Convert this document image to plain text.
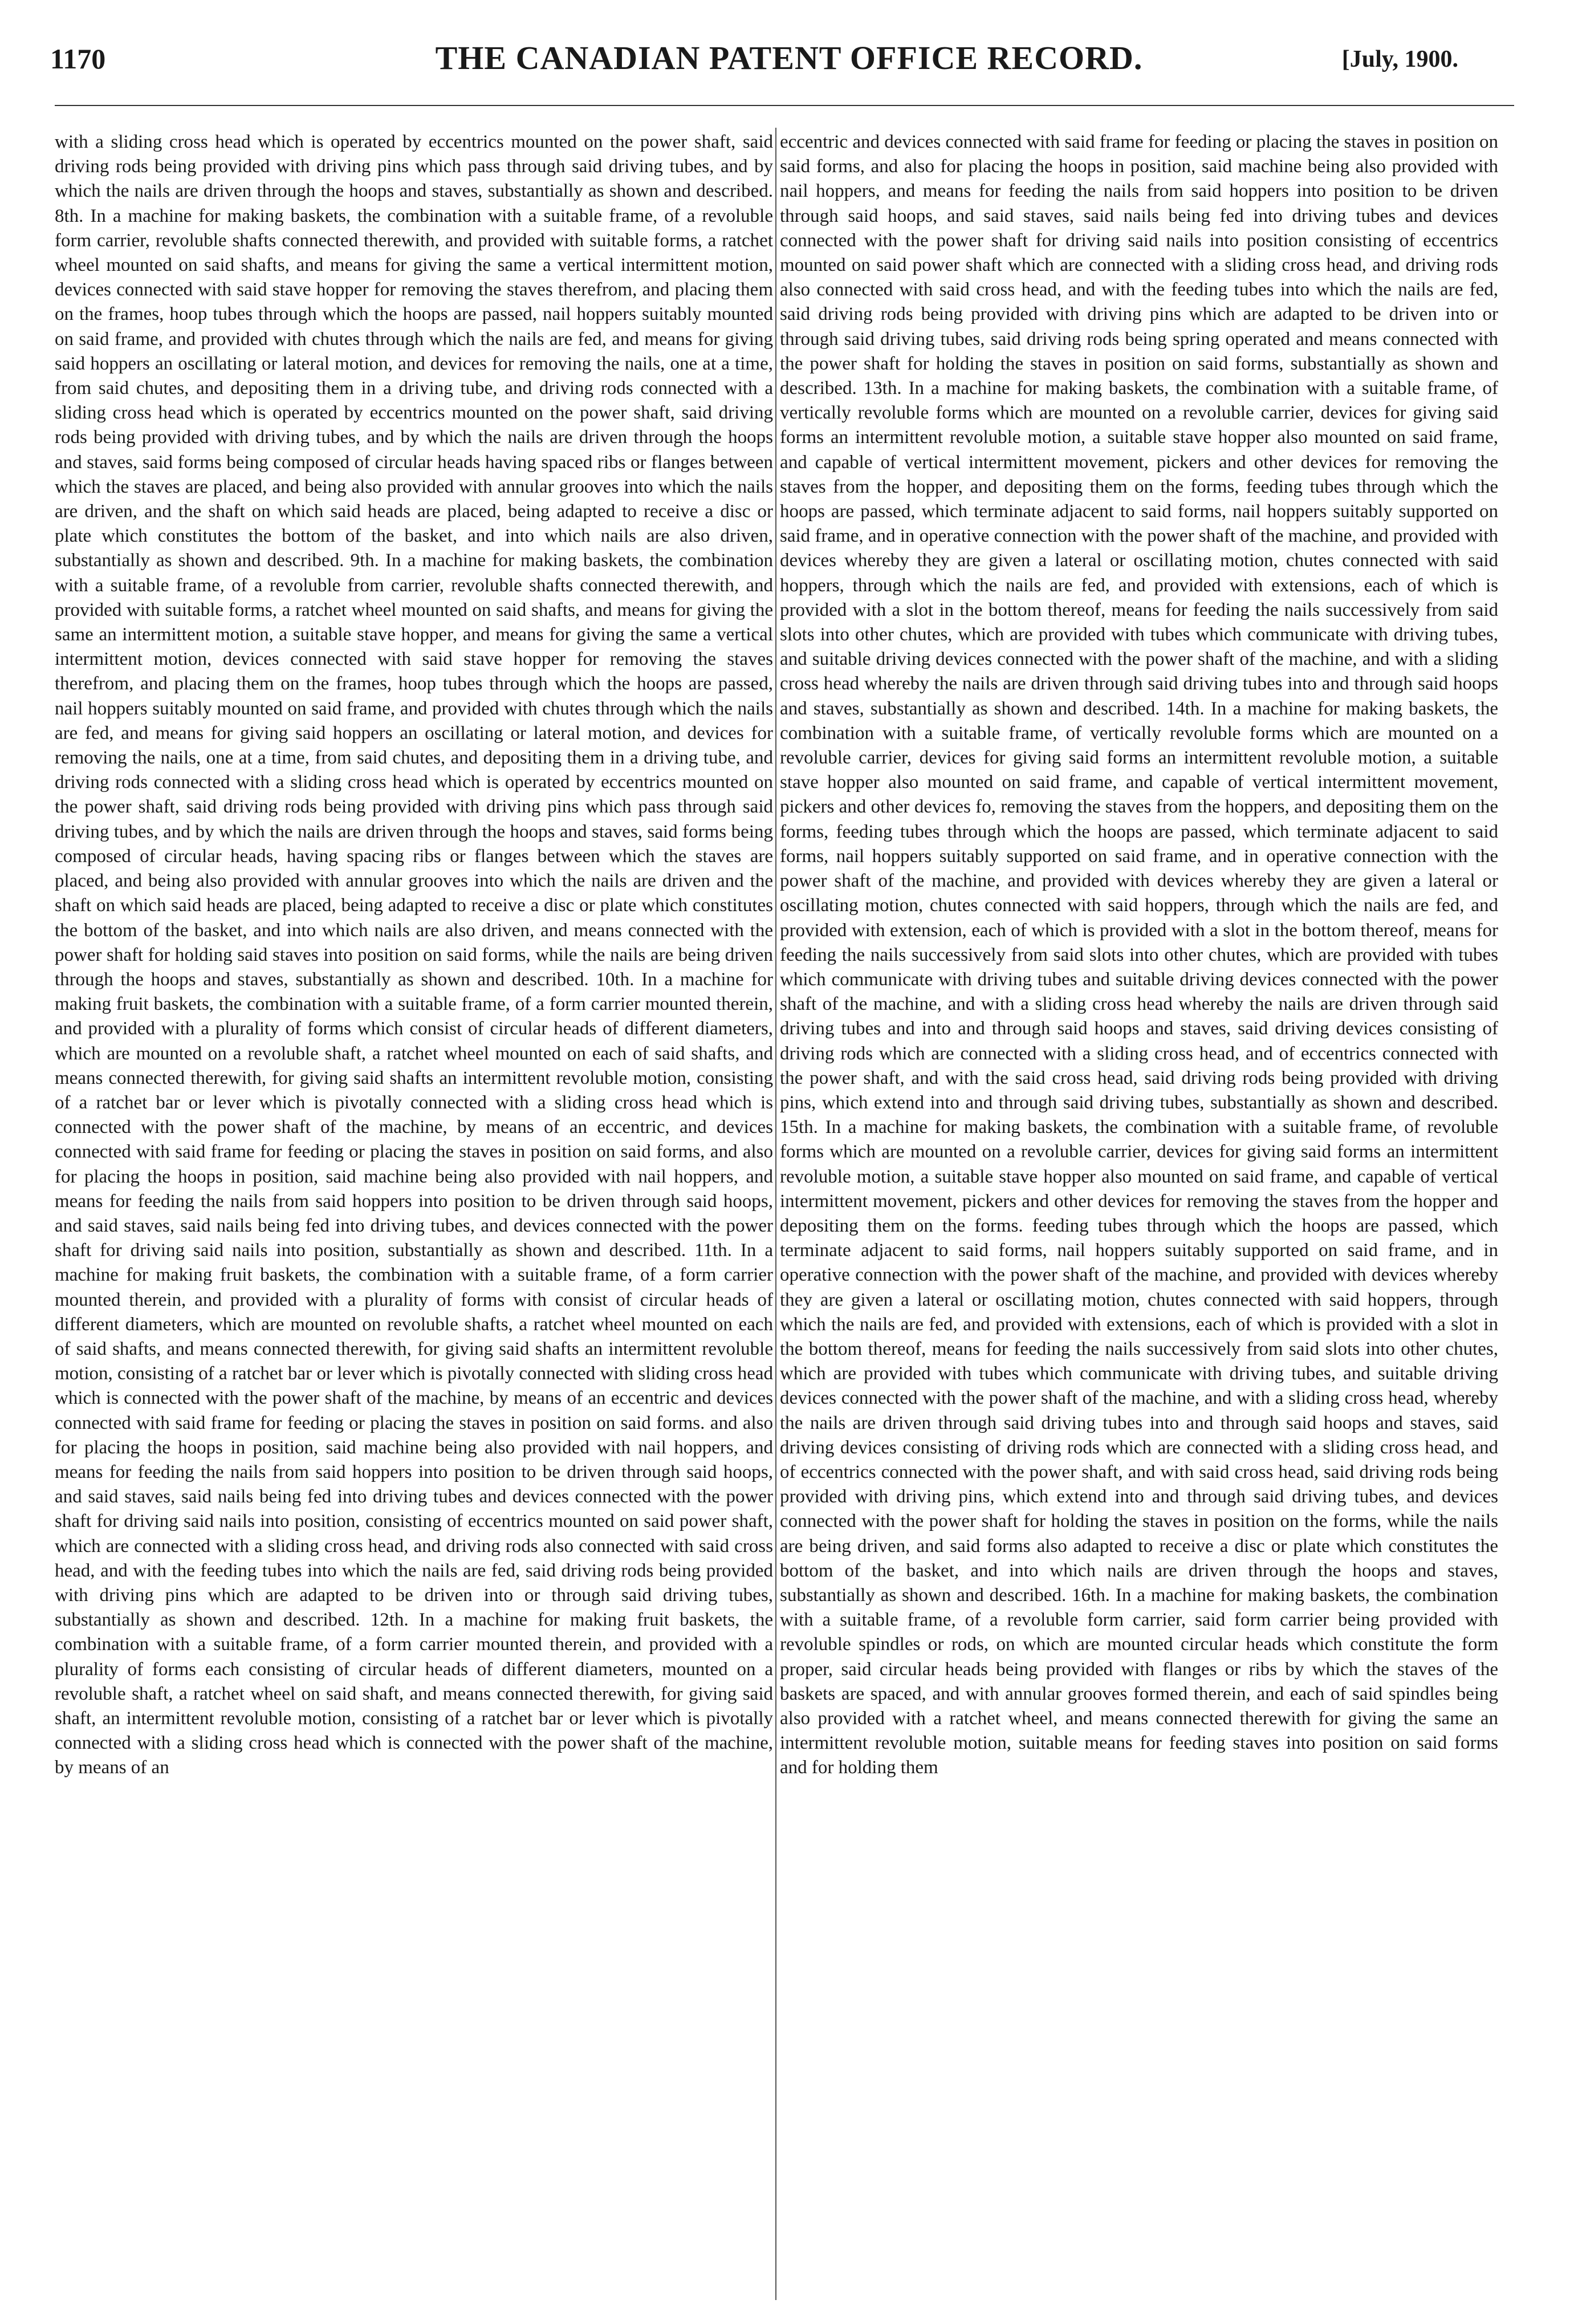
1170	THE CANADIAN PATENT OFFICE RECORD.	[July, 1900.
with a sliding cross head which is operated by eccentrics mounted on the power shaft, said driving rods being provided with driving pins which pass through said driving tubes, and by which the nails are driven through the hoops and staves, substantially as shown and described. 8th. In a machine for making baskets, the combination with a suitable frame, of a revoluble form carrier, revoluble shafts connected therewith, and provided with suitable forms, a ratchet wheel mounted on said shafts, and means for giving the same a vertical intermittent motion, devices connected with said stave hopper for removing the staves therefrom, and placing them on the frames, hoop tubes through which the hoops are passed, nail hoppers suitably mounted on said frame, and provided with chutes through which the nails are fed, and means for giving said hoppers an oscillating or lateral motion, and devices for removing the nails, one at a time, from said chutes, and depositing them in a driving tube, and driving rods connected with a sliding cross head which is operated by eccentrics mounted on the power shaft, said driving rods being provided with driving tubes, and by which the nails are driven through the hoops and staves, said forms being composed of circular heads having spaced ribs or flanges between which the staves are placed, and being also provided with annular grooves into which the nails are driven, and the shaft on which said heads are placed, being adapted to receive a disc or plate which constitutes the bottom of the basket, and into which nails are also driven, substantially as shown and described. 9th. In a machine for making baskets, the combination with a suitable frame, of a revoluble from carrier, revoluble shafts connected therewith, and provided with suitable forms, a ratchet wheel mounted on said shafts, and means for giving the same an intermittent motion, a suitable stave hopper, and means for giving the same a vertical intermittent motion, devices connected with said stave hopper for removing the staves therefrom, and placing them on the frames, hoop tubes through which the hoops are passed, nail hoppers suitably mounted on said frame, and provided with chutes through which the nails are fed, and means for giving said hoppers an oscillating or lateral motion, and devices for removing the nails, one at a time, from said chutes, and depositing them in a driving tube, and driving rods connected with a sliding cross head which is operated by eccentrics mounted on the power shaft, said driving rods being provided with driving pins which pass through said driving tubes, and by which the nails are driven through the hoops and staves, said forms being composed of circular heads, having spacing ribs or flanges between which the staves are placed, and being also provided with annular grooves into which the nails are driven and the shaft on which said heads are placed, being adapted to receive a disc or plate which constitutes the bottom of the basket, and into which nails are also driven, and means connected with the power shaft for holding said staves into position on said forms, while the nails are being driven through the hoops and staves, substantially as shown and described. 10th. In a machine for making fruit baskets, the combination with a suitable frame, of a form carrier mounted therein, and provided with a plurality of forms which consist of circular heads of different diameters, which are mounted on a revoluble shaft, a ratchet wheel mounted on each of said shafts, and means connected therewith, for giving said shafts an intermittent revoluble motion, consisting of a ratchet bar or lever which is pivotally connected with a sliding cross head which is connected with the power shaft of the machine, by means of an eccentric, and devices connected with said frame for feeding or placing the staves in position on said forms, and also for placing the hoops in position, said machine being also provided with nail hoppers, and means for feeding the nails from said hoppers into position to be driven through said hoops, and said staves, said nails being fed into driving tubes, and devices connected with the power shaft for driving said nails into position, substantially as shown and described. 11th. In a machine for making fruit baskets, the combination with a suitable frame, of a form carrier mounted therein, and provided with a plurality of forms with consist of circular heads of different diameters, which are mounted on revoluble shafts, a ratchet wheel mounted on each of said shafts, and means connected therewith, for giving said shafts an intermittent revoluble motion, consisting of a ratchet bar or lever which is pivotally connected with sliding cross head which is connected with the power shaft of the machine, by means of an eccentric and devices connected with said frame for feeding or placing the staves in position on said forms. and also for placing the hoops in position, said machine being also provided with nail hoppers, and means for feeding the nails from said hoppers into position to be driven through said hoops, and said staves, said nails being fed into driving tubes and devices connected with the power shaft for driving said nails into position, consisting of eccentrics mounted on said power shaft, which are connected with a sliding cross head, and driving rods also connected with said cross head, and with the feeding tubes into which the nails are fed, said driving rods being provided with driving pins which are adapted to be driven into or through said driving tubes, substantially as shown and described. 12th. In a machine for making fruit baskets, the combination with a suitable frame, of a form carrier mounted therein, and provided with a plurality of forms each consisting of circular heads of different diameters, mounted on a revoluble shaft, a ratchet wheel on said shaft, and means connected therewith, for giving said shaft, an intermittent revoluble motion, consisting of a ratchet bar or lever which is pivotally connected with a sliding cross head which is connected with the power shaft of the machine, by means of an
eccentric and devices connected with said frame for feeding or placing the staves in position on said forms, and also for placing the hoops in position, said machine being also provided with nail hoppers, and means for feeding the nails from said hoppers into position to be driven through said hoops, and said staves, said nails being fed into driving tubes and devices connected with the power shaft for driving said nails into position consisting of eccentrics mounted on said power shaft which are connected with a sliding cross head, and driving rods also connected with said cross head, and with the feeding tubes into which the nails are fed, said driving rods being provided with driving pins which are adapted to be driven into or through said driving tubes, said driving rods being spring operated and means connected with the power shaft for holding the staves in position on said forms, substantially as shown and described. 13th. In a machine for making baskets, the combination with a suitable frame, of vertically revoluble forms which are mounted on a revoluble carrier, devices for giving said forms an intermittent revoluble motion, a suitable stave hopper also mounted on said frame, and capable of vertical intermittent movement, pickers and other devices for removing the staves from the hopper, and depositing them on the forms, feeding tubes through which the hoops are passed, which terminate adjacent to said forms, nail hoppers suitably supported on said frame, and in operative connection with the power shaft of the machine, and provided with devices whereby they are given a lateral or oscillating motion, chutes connected with said hoppers, through which the nails are fed, and provided with extensions, each of which is provided with a slot in the bottom thereof, means for feeding the nails successively from said slots into other chutes, which are provided with tubes which communicate with driving tubes, and suitable driving devices connected with the power shaft of the machine, and with a sliding cross head whereby the nails are driven through said driving tubes into and through said hoops and staves, substantially as shown and described. 14th. In a machine for making baskets, the combination with a suitable frame, of vertically revoluble forms which are mounted on a revoluble carrier, devices for giving said forms an intermittent revoluble motion, a suitable stave hopper also mounted on said frame, and capable of vertical intermittent movement, pickers and other devices fo, removing the staves from the hoppers, and depositing them on the forms, feeding tubes through which the hoops are passed, which terminate adjacent to said forms, nail hoppers suitably supported on said frame, and in operative connection with the power shaft of the machine, and provided with devices whereby they are given a lateral or oscillating motion, chutes connected with said hoppers, through which the nails are fed, and provided with extension, each of which is provided with a slot in the bottom thereof, means for feeding the nails successively from said slots into other chutes, which are provided with tubes which communicate with driving tubes and suitable driving devices connected with the power shaft of the machine, and with a sliding cross head whereby the nails are driven through said driving tubes and into and through said hoops and staves, said driving devices consisting of driving rods which are connected with a sliding cross head, and of eccentrics connected with the power shaft, and with the said cross head, said driving rods being provided with driving pins, which extend into and through said driving tubes, substantially as shown and described. 15th. In a machine for making baskets, the combination with a suitable frame, of revoluble forms which are mounted on a revoluble carrier, devices for giving said forms an intermittent revoluble motion, a suitable stave hopper also mounted on said frame, and capable of vertical intermittent movement, pickers and other devices for removing the staves from the hopper and depositing them on the forms. feeding tubes through which the hoops are passed, which terminate adjacent to said forms, nail hoppers suitably supported on said frame, and in operative connection with the power shaft of the machine, and provided with devices whereby they are given a lateral or oscillating motion, chutes connected with said hoppers, through which the nails are fed, and provided with extensions, each of which is provided with a slot in the bottom thereof, means for feeding the nails successively from said slots into other chutes, which are provided with tubes which communicate with driving tubes, and suitable driving devices connected with the power shaft of the machine, and with a sliding cross head, whereby the nails are driven through said driving tubes into and through said hoops and staves, said driving devices consisting of driving rods which are connected with a sliding cross head, and of eccentrics connected with the power shaft, and with said cross head, said driving rods being provided with driving pins, which extend into and through said driving tubes, and devices connected with the power shaft for holding the staves in position on the forms, while the nails are being driven, and said forms also adapted to receive a disc or plate which constitutes the bottom of the basket, and into which nails are driven through the hoops and staves, substantially as shown and described. 16th. In a machine for making baskets, the combination with a suitable frame, of a revoluble form carrier, said form carrier being provided with revoluble spindles or rods, on which are mounted circular heads which constitute the form proper, said circular heads being provided with flanges or ribs by which the staves of the baskets are spaced, and with annular grooves formed therein, and each of said spindles being also provided with a ratchet wheel, and means connected therewith for giving the same an intermittent revoluble motion, suitable means for feeding staves into position on said forms and for holding them
